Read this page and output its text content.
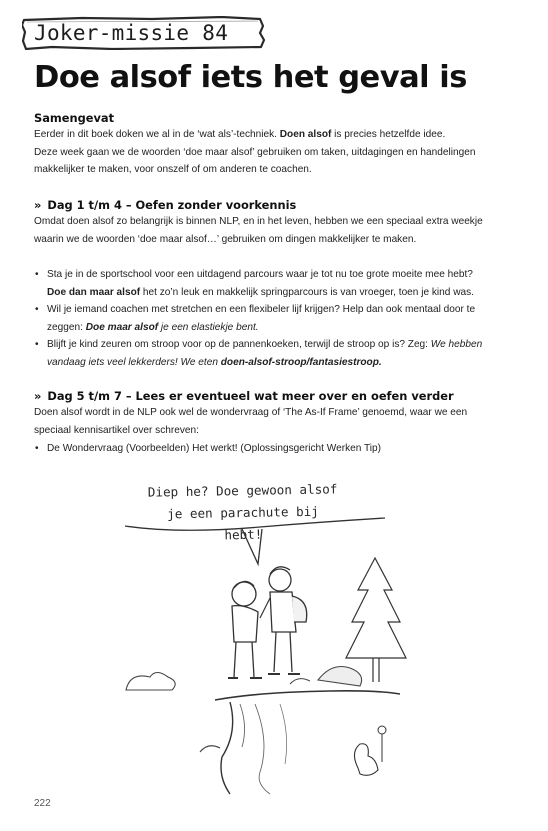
Joker-missie 84
Doe alsof iets het geval is
Samengevat
Eerder in dit boek doken we al in de ‘wat als’-techniek. Doen alsof is precies hetzelfde idee.
Deze week gaan we de woorden ‘doe maar alsof’ gebruiken om taken, uitdagingen en handelingen
makkelijker te maken, voor onszelf of om anderen te coachen.
» Dag 1 t/m 4 – Oefen zonder voorkennis
Omdat doen alsof zo belangrijk is binnen NLP, en in het leven, hebben we een speciaal extra weekje
waarin we de woorden ‘doe maar alsof…’ gebruiken om dingen makkelijker te maken.
• Sta je in de sportschool voor een uitdagend parcours waar je tot nu toe grote moeite mee hebt?
Doe dan maar alsof het zo’n leuk en makkelijk springparcours is van vroeger, toen je kind was.
• Wil je iemand coachen met stretchen en een flexibeler lijf krijgen? Help dan ook mentaal door te
zeggen: Doe maar alsof je een elastiekje bent.
• Blijft je kind zeuren om stroop voor op de pannenkoeken, terwijl de stroop op is? Zeg: We hebben
vandaag iets veel lekkerders! We eten doen-alsof-stroop/fantasiestroop.
» Dag 5 t/m 7 – Lees er eventueel wat meer over en oefen verder
Doen alsof wordt in de NLP ook wel de wondervraag of ‘The As-If Frame’ genoemd, waar we een
speciaal kennisartikel over schreven:
• De Wondervraag (Voorbeelden) Het werkt! (Oplossingsgericht Werken Tip)
Diep he? Doe gewoon alsof
je een parachute bij hebt!
222
